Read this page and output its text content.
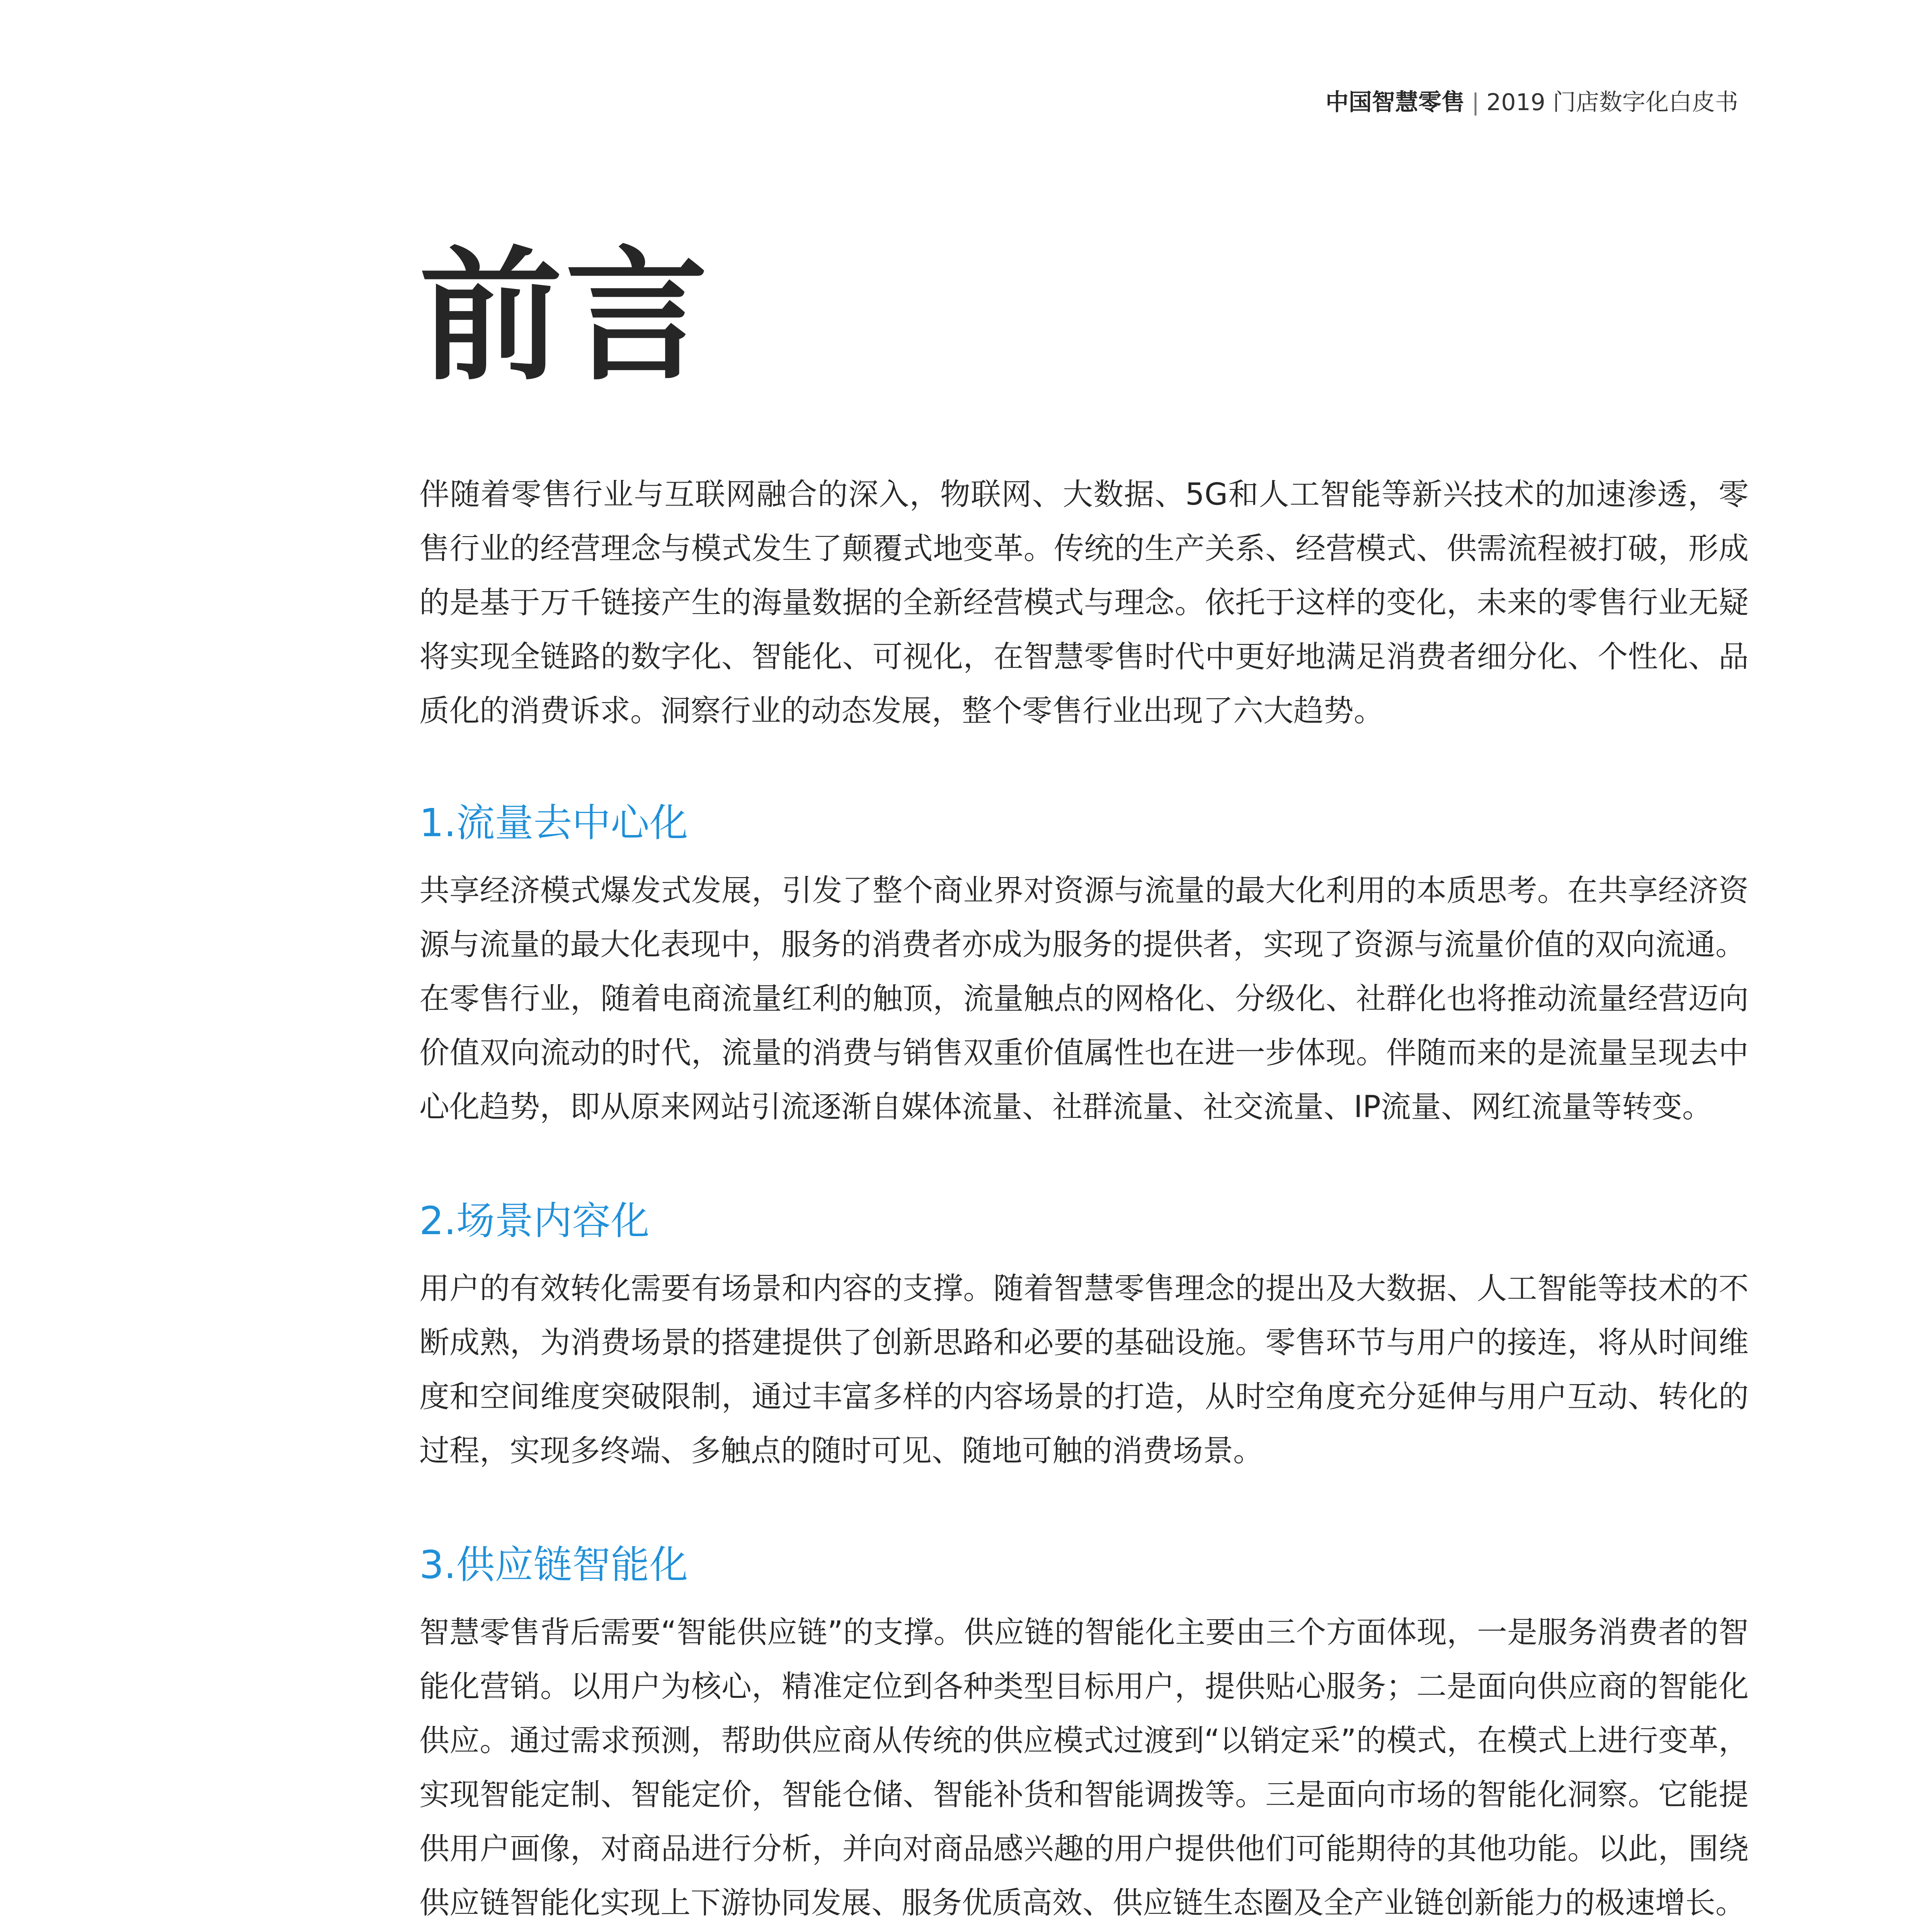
中国智慧零售 | 2019 门店数字化白皮书
前言

伴随着零售行业与互联网融合的深入，物联网、大数据、5G和人工智能等新兴技术的加速渗透，零售行业的经营理念与模式发生了颠覆式地变革。传统的生产关系、经营模式、供需流程被打破，形成的是基于万千链接产生的海量数据的全新经营模式与理念。依托于这样的变化，未来的零售行业无疑将实现全链路的数字化、智能化、可视化，在智慧零售时代中更好地满足消费者细分化、个性化、品质化的消费诉求。洞察行业的动态发展，整个零售行业出现了六大趋势。

1.流量去中心化

共享经济模式爆发式发展，引发了整个商业界对资源与流量的最大化利用的本质思考。在共享经济资源与流量的最大化表现中，服务的消费者亦成为服务的提供者，实现了资源与流量价值的双向流通。

在零售行业，随着电商流量红利的触顶，流量触点的网格化、分级化、社群化也将推动流量经营迈向价值双向流动的时代，流量的消费与销售双重价值属性也在进一步体现。伴随而来的是流量呈现去中心化趋势，即从原来网站引流逐渐自媒体流量、社群流量、社交流量、IP流量、网红流量等转变。

2.场景内容化

用户的有效转化需要有场景和内容的支撑。随着智慧零售理念的提出及大数据、人工智能等技术的不断成熟，为消费场景的搭建提供了创新思路和必要的基础设施。零售环节与用户的接连，将从时间维度和空间维度突破限制，通过丰富多样的内容场景的打造，从时空角度充分延伸与用户互动、转化的过程，实现多终端、多触点的随时可见、随地可触的消费场景。

3.供应链智能化

智慧零售背后需要“智能供应链”的支撑。供应链的智能化主要由三个方面体现，一是服务消费者的智能化营销。以用户为核心，精准定位到各种类型目标用户，提供贴心服务；二是面向供应商的智能化供应。通过需求预测，帮助供应商从传统的供应模式过渡到“以销定采”的模式，在模式上进行变革，实现智能定制、智能定价，智能仓储、智能补货和智能调拨等。三是面向市场的智能化洞察。它能提供用户画像，对商品进行分析，并向对商品感兴趣的用户提供他们可能期待的其他功能。以此，围绕供应链智能化实现上下游协同发展、服务优质高效、供应链生态圈及全产业链创新能力的极速增长。
